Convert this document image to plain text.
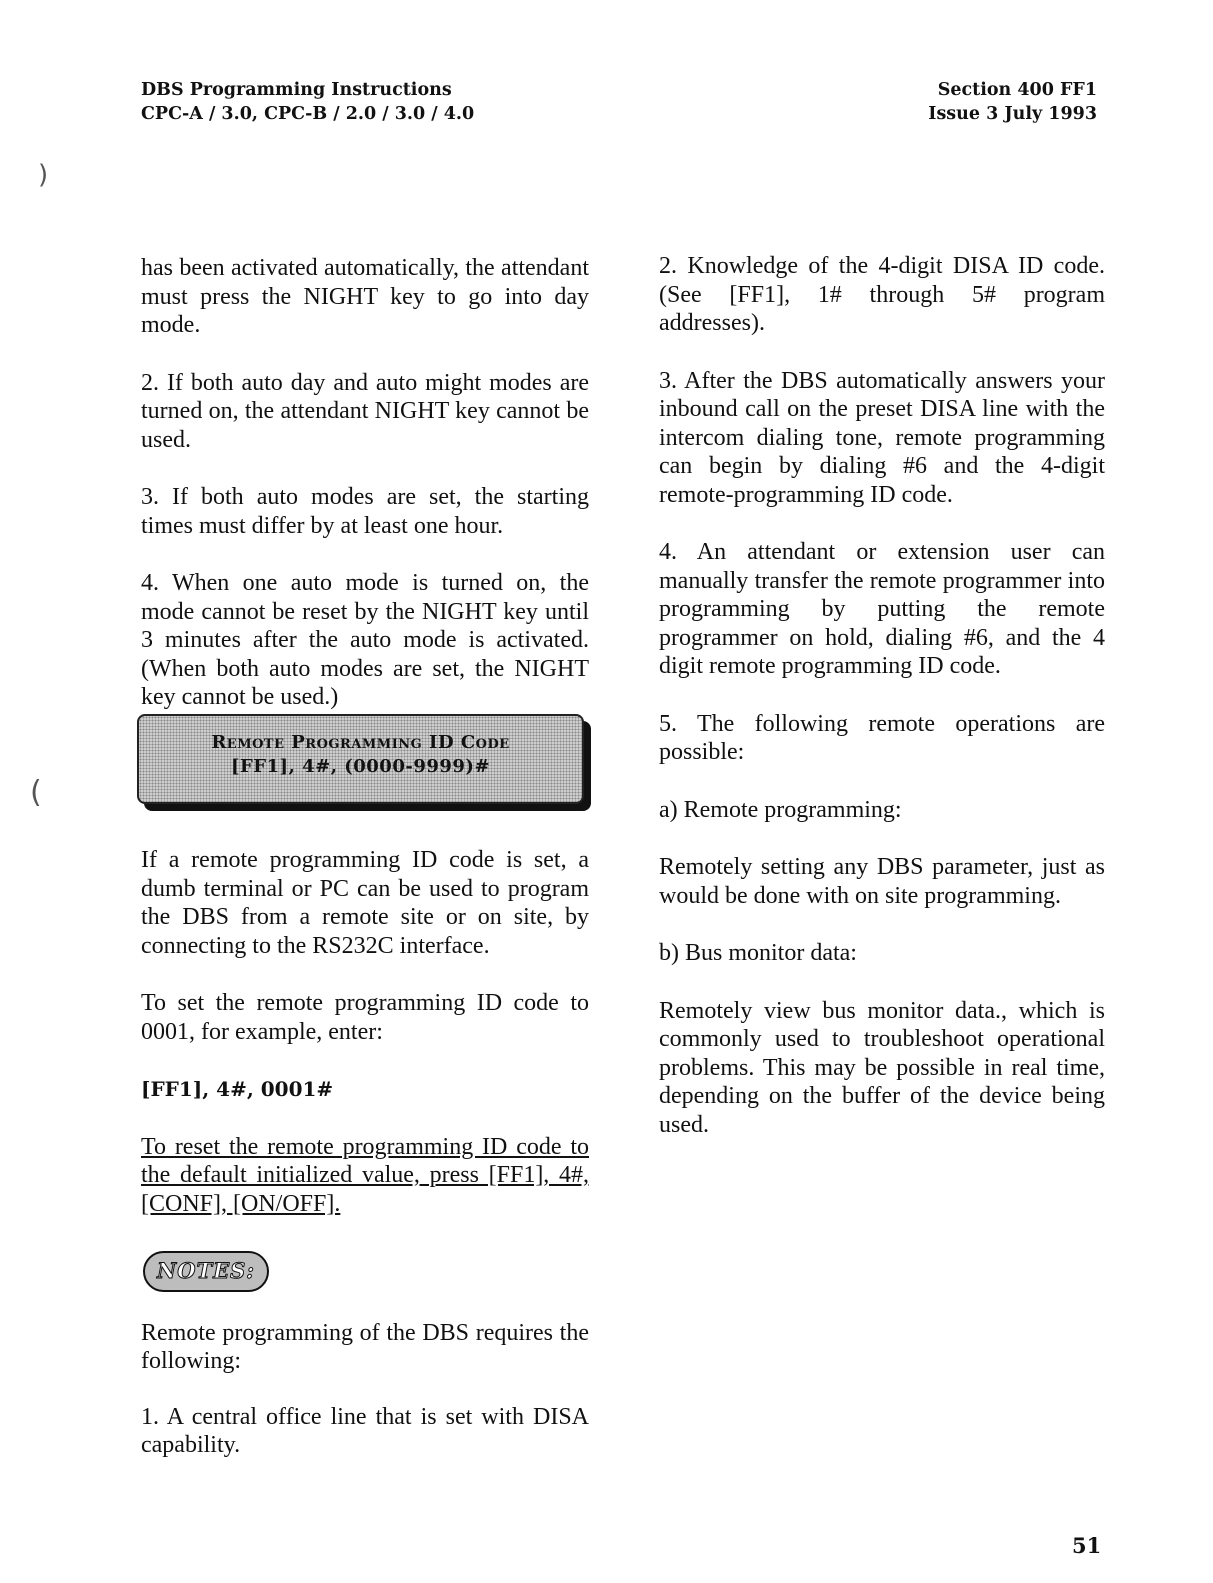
DBS Programming Instructions
CPC-A / 3.0, CPC-B / 2.0 / 3.0 / 4.0
Section 400 FF1
Issue 3 July 1993
)
(

has been activated automatically, the attendant must press the NIGHT key to go into day mode.

2. If both auto day and auto might modes are turned on, the attendant NIGHT key cannot be used.

3. If both auto modes are set, the starting times must differ by at least one hour.

4. When one auto mode is turned on, the mode cannot be reset by the NIGHT key until 3 minutes after the auto mode is activated. (When both auto modes are set, the NIGHT key cannot be used.)

Remote Programming ID Code
[FF1], 4#, (0000-9999)#

If a remote programming ID code is set, a dumb terminal or PC can be used to program the DBS from a remote site or on site, by connecting to the RS232C interface.

To set the remote programming ID code to 0001, for example, enter:

[FF1], 4#, 0001#

To reset the remote programming ID code to the default initialized value, press [FF1], 4#, [CONF], [ON/OFF].

NOTES:

Remote programming of the DBS requires the following:

1. A central office line that is set with DISA capability.

2. Knowledge of the 4-digit DISA ID code. (See [FF1], 1# through 5# program addresses).

3. After the DBS automatically answers your inbound call on the preset DISA line with the intercom dialing tone, remote programming can begin by dialing #6 and the 4-digit remote-programming ID code.

4. An attendant or extension user can manually transfer the remote programmer into programming by putting the remote programmer on hold, dialing #6, and the 4 digit remote programming ID code.

5. The following remote operations are possible:

a) Remote programming:

Remotely setting any DBS parameter, just as would be done with on site programming.

b) Bus monitor data:

Remotely view bus monitor data., which is commonly used to troubleshoot operational problems. This may be possible in real time, depending on the buffer of the device being used.

51
